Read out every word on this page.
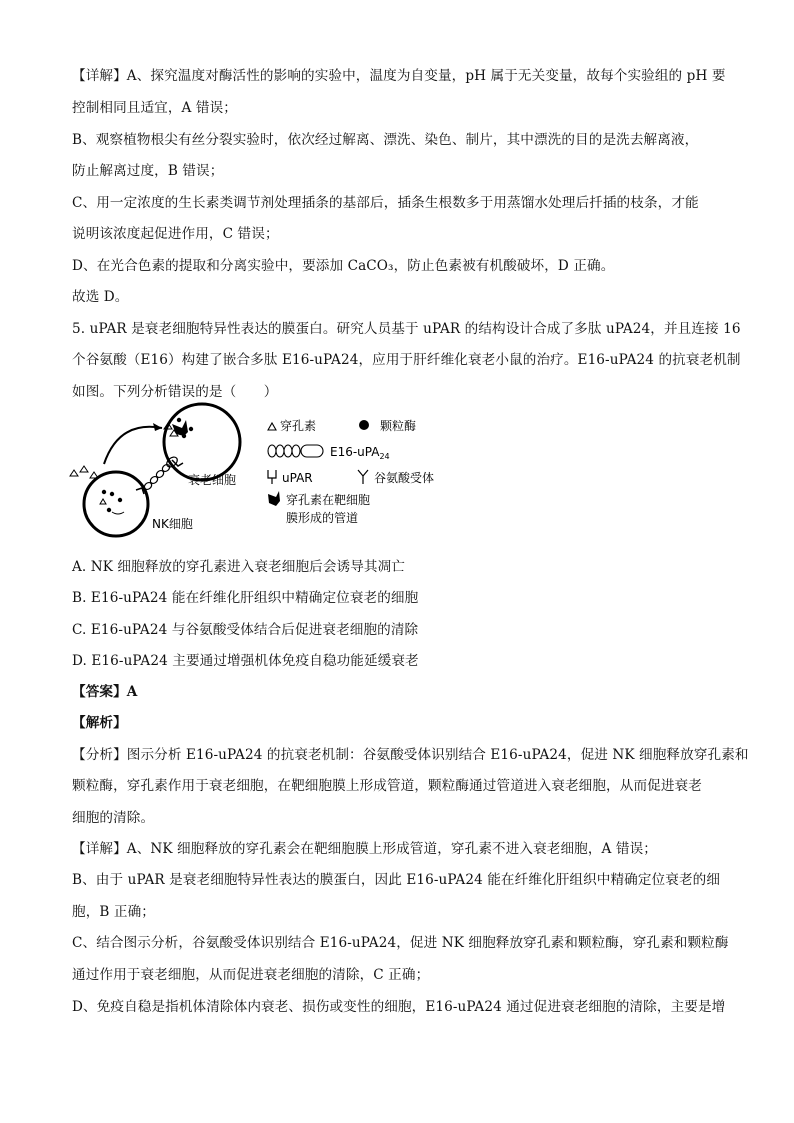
【详解】A、探究温度对酶活性的影响的实验中，温度为自变量，pH 属于无关变量，故每个实验组的 pH 要
控制相同且适宜，A 错误；
B、观察植物根尖有丝分裂实验时，依次经过解离、漂洗、染色、制片，其中漂洗的目的是洗去解离液，
防止解离过度，B 错误；
C、用一定浓度的生长素类调节剂处理插条的基部后，插条生根数多于用蒸馏水处理后扦插的枝条，才能
说明该浓度起促进作用，C 错误；
D、在光合色素的提取和分离实验中，要添加 CaCO₃，防止色素被有机酸破坏，D 正确。
故选 D。
5. uPAR 是衰老细胞特异性表达的膜蛋白。研究人员基于 uPAR 的结构设计合成了多肽 uPA24，并且连接 16
个谷氨酸（E16）构建了嵌合多肽 E16-uPA24，应用于肝纤维化衰老小鼠的治疗。E16-uPA24 的抗衰老机制
如图。下列分析错误的是（　　）
A. NK 细胞释放的穿孔素进入衰老细胞后会诱导其凋亡
B. E16-uPA24 能在纤维化肝组织中精确定位衰老的细胞
C. E16-uPA24 与谷氨酸受体结合后促进衰老细胞的清除
D. E16-uPA24 主要通过增强机体免疫自稳功能延缓衰老
【答案】A
【解析】
【分析】图示分析 E16-uPA24 的抗衰老机制：谷氨酸受体识别结合 E16-uPA24，促进 NK 细胞释放穿孔素和
颗粒酶，穿孔素作用于衰老细胞，在靶细胞膜上形成管道，颗粒酶通过管道进入衰老细胞，从而促进衰老
细胞的清除。
【详解】A、NK 细胞释放的穿孔素会在靶细胞膜上形成管道，穿孔素不进入衰老细胞，A 错误；
B、由于 uPAR 是衰老细胞特异性表达的膜蛋白，因此 E16-uPA24 能在纤维化肝组织中精确定位衰老的细
胞，B 正确；
C、结合图示分析，谷氨酸受体识别结合 E16-uPA24，促进 NK 细胞释放穿孔素和颗粒酶，穿孔素和颗粒酶
通过作用于衰老细胞，从而促进衰老细胞的清除，C 正确；
D、免疫自稳是指机体清除体内衰老、损伤或变性的细胞，E16-uPA24 通过促进衰老细胞的清除，主要是增
衰老细胞
NK细胞
穿孔素	颗粒酶
E16-uPA$_{24}$
uPAR	谷氨酸受体
穿孔素在靶细胞
膜形成的管道
